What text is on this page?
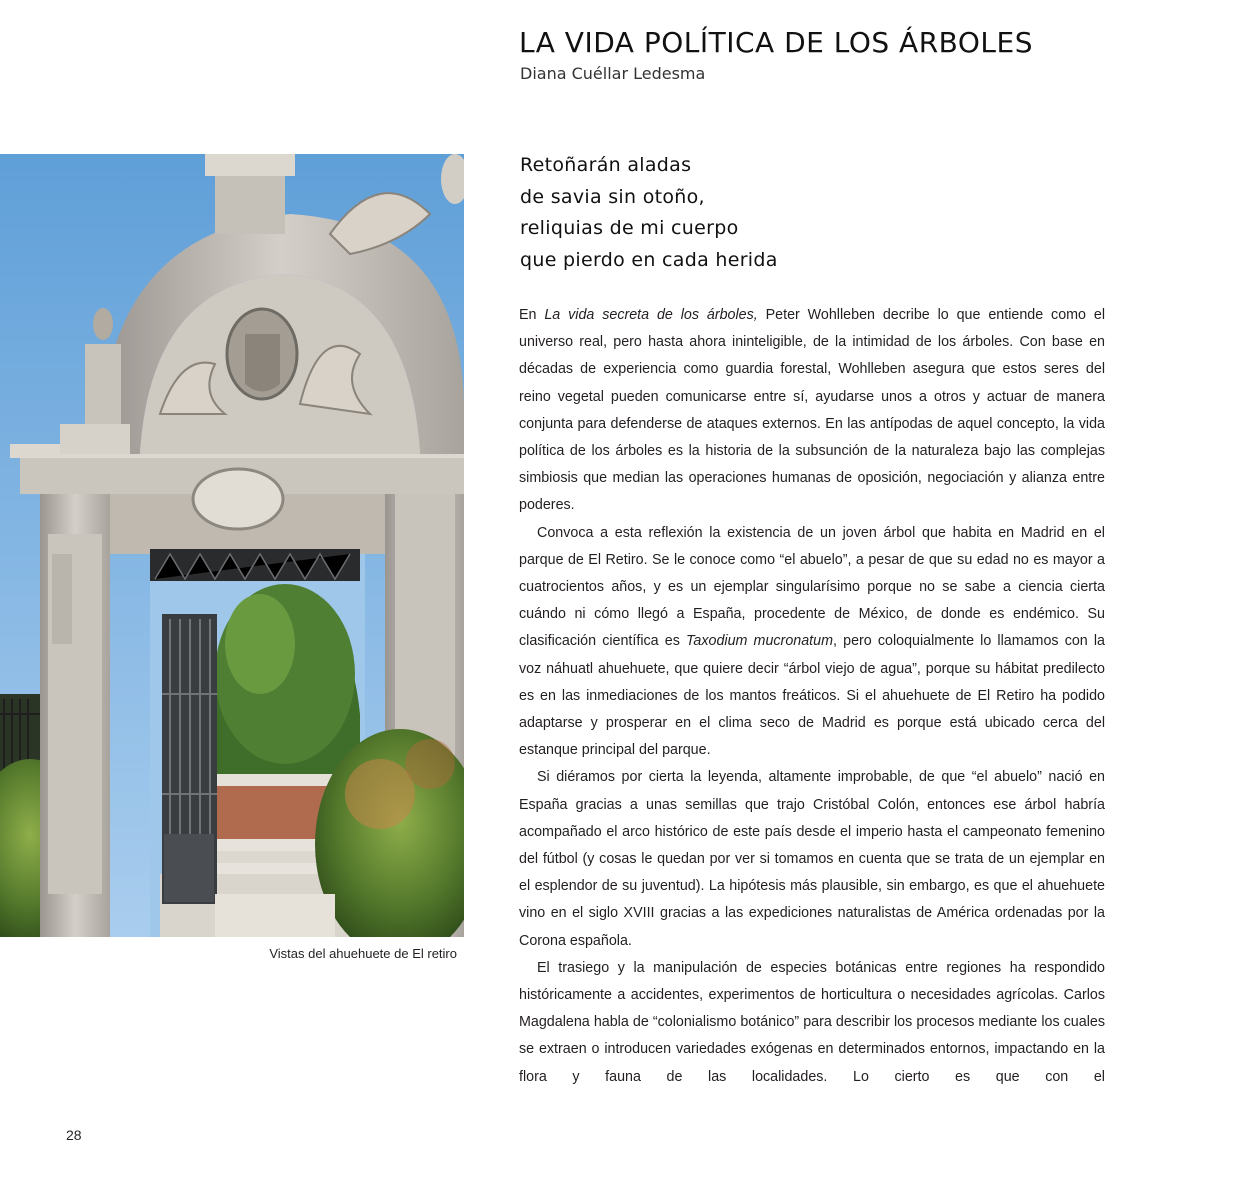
LA VIDA POLÍTICA DE LOS ÁRBOLES
Diana Cuéllar Ledesma
Vistas del ahuehuete de El retiro
Retoñarán aladas
de savia sin otoño,
reliquias de mi cuerpo
que pierdo en cada herida

En La vida secreta de los árboles, Peter Wohlleben decribe lo que entiende como el universo real, pero hasta ahora ininteligible, de la intimidad de los árboles. Con base en décadas de experiencia como guardia forestal, Wohlleben asegura que estos seres del reino vegetal pueden comunicarse entre sí, ayudarse unos a otros y actuar de manera conjunta para defenderse de ataques externos. En las antípodas de aquel concepto, la vida política de los árboles es la historia de la subsunción de la naturaleza bajo las complejas simbiosis que median las operaciones humanas de oposición, negociación y alianza entre poderes.

Convoca a esta reflexión la existencia de un joven árbol que habita en Madrid en el parque de El Retiro. Se le conoce como “el abuelo”, a pesar de que su edad no es mayor a cuatrocientos años, y es un ejemplar singularísimo porque no se sabe a ciencia cierta cuándo ni cómo llegó a España, procedente de México, de donde es endémico. Su clasificación científica es Taxodium mucronatum, pero coloquialmente lo llamamos con la voz náhuatl ahuehuete, que quiere decir “árbol viejo de agua”, porque su hábitat predilecto es en las inmediaciones de los mantos freáticos. Si el ahuehuete de El Retiro ha podido adaptarse y prosperar en el clima seco de Madrid es porque está ubicado cerca del estanque principal del parque.

Si diéramos por cierta la leyenda, altamente improbable, de que “el abuelo” nació en España gracias a unas semillas que trajo Cristóbal Colón, entonces ese árbol habría acompañado el arco histórico de este país desde el imperio hasta el campeonato femenino del fútbol (y cosas le quedan por ver si tomamos en cuenta que se trata de un ejemplar en el esplendor de su juventud). La hipótesis más plausible, sin embargo, es que el ahuehuete vino en el siglo XVIII gracias a las expediciones naturalistas de América ordenadas por la Corona española.

El trasiego y la manipulación de especies botánicas entre regiones ha respondido históricamente a accidentes, experimentos de horticultura o necesidades agrícolas. Carlos Magdalena habla de “colonialismo botánico” para describir los procesos mediante los cuales se extraen o introducen variedades exógenas en determinados entornos, impactando en la flora y fauna de las localidades. Lo cierto es que con el

28
